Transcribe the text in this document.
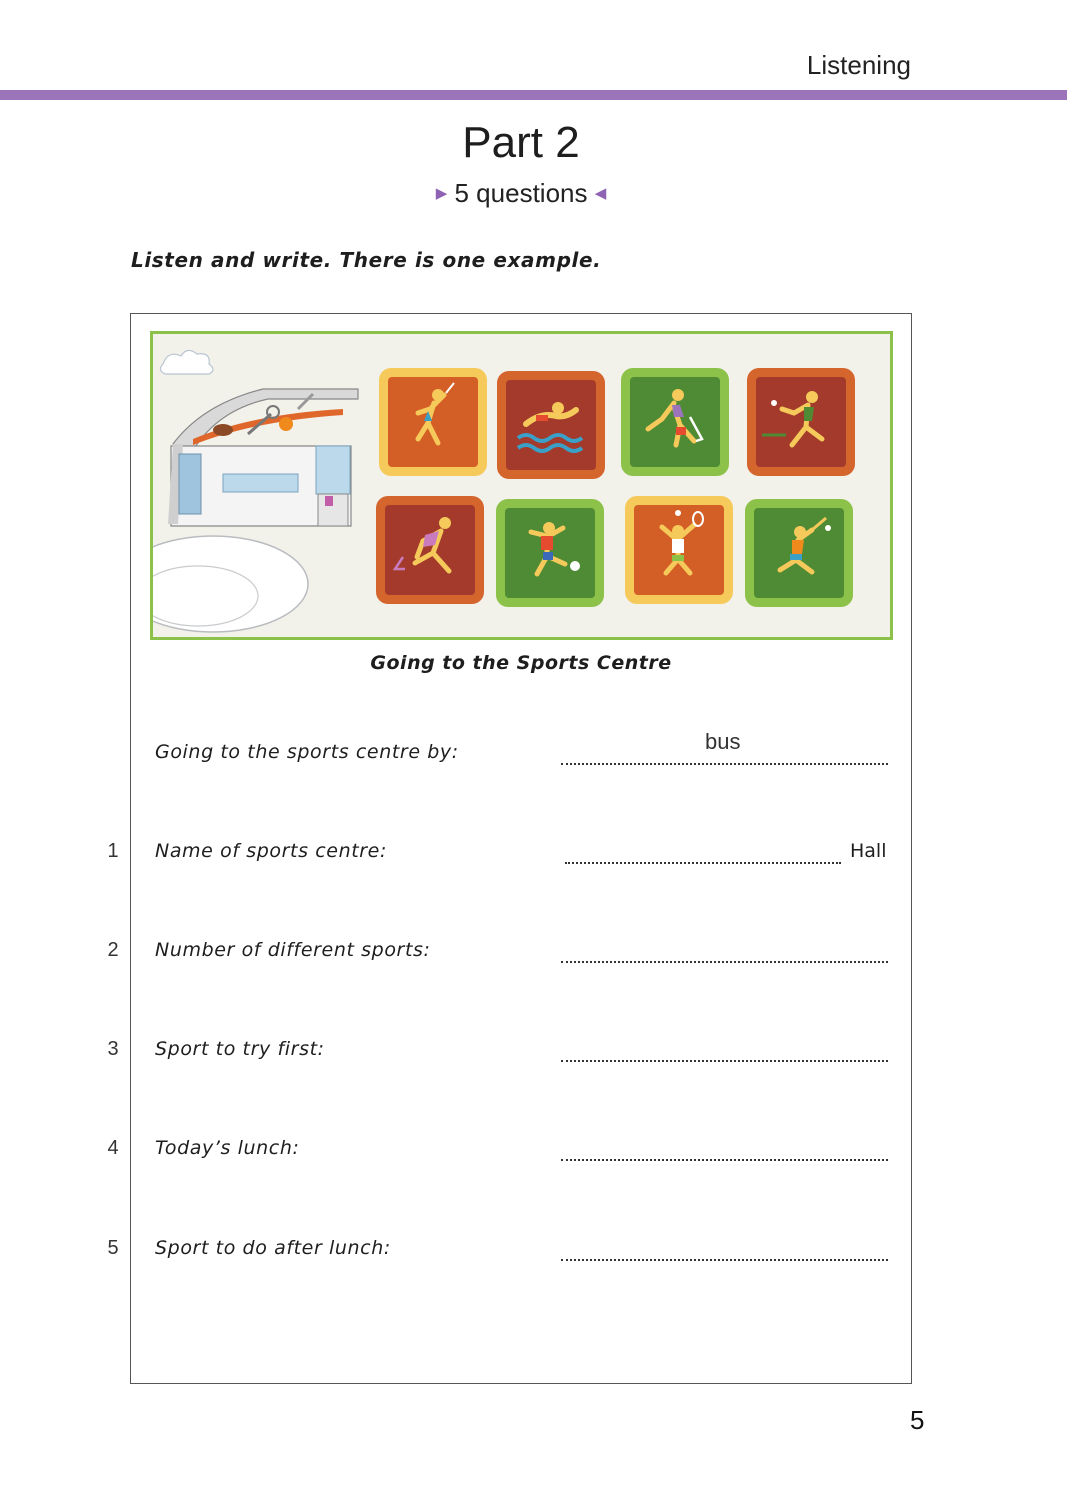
Listening
Part 2
▶ 5 questions ◀
Listen and write. There is one example.
Going to the Sports Centre
Going to the sports centre by:	bus
1 Name of sports centre:	Hall
2 Number of different sports:
3 Sport to try first:
4 Today’s lunch:
5 Sport to do after lunch:
5
